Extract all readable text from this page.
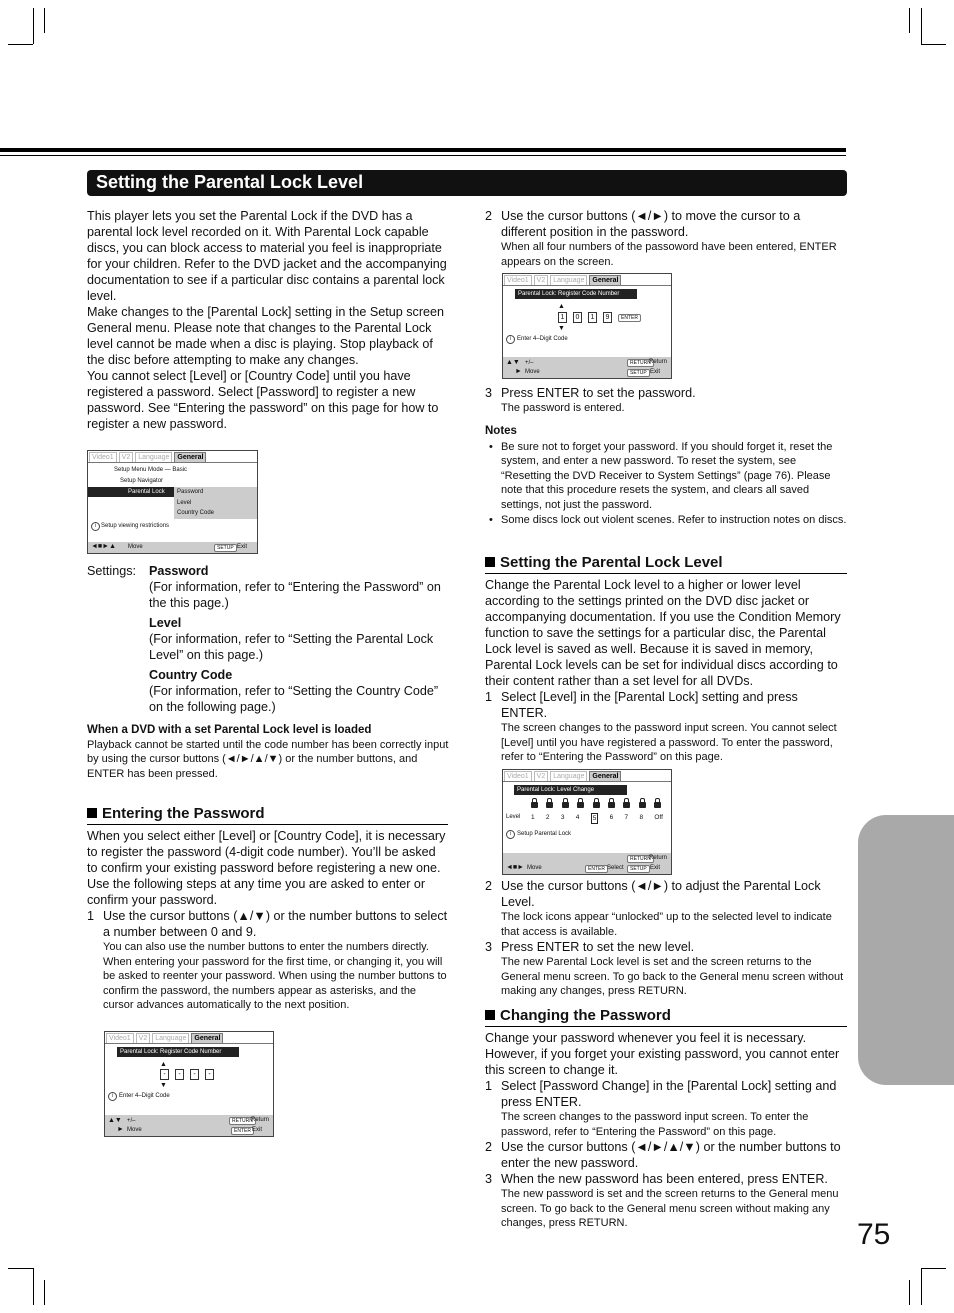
Setting the Parental Lock Level
75
This player lets you set the Parental Lock if the DVD has a parental lock level recorded on it. With Parental Lock capable discs, you can block access to material you feel is inappropriate for your children. Refer to the DVD jacket and the accompanying documentation to see if a particular disc contains a parental lock level.
Make changes to the [Parental Lock] setting in the Setup screen General menu. Please note that changes to the Parental Lock level cannot be made when a disc is playing. Stop playback of the disc before attempting to make any changes.
You cannot select [Level] or [Country Code] until you have registered a password. Select [Password] to register a new password. See “Entering the password” on this page for how to register a new password.
Video1	V2	Language	General
Setup Menu Mode — Basic
Setup Navigator
Parental Lock Password
Level
Country Code
i Setup viewing restrictions
◄■►▲ Move	SETUP Exit
Settings:	Password
(For information, refer to “Entering the Password” on the this page.)
Level
(For information, refer to “Setting the Parental Lock Level” on this page.)
Country Code
(For information, refer to “Setting the Country Code” on the following page.)
When a DVD with a set Parental Lock level is loaded
Playback cannot be started until the code number has been correctly input by using the cursor buttons (◄/►/▲/▼) or the number buttons, and ENTER has been pressed.
Entering the Password
When you select either [Level] or [Country Code], it is necessary to register the password (4-digit code number). You’ll be asked to confirm your existing password before registering a new one. Use the following steps at any time you are asked to enter or confirm your password.
1 Use the cursor buttons (▲/▼) or the number buttons to select a number between 0 and 9.
You can also use the number buttons to enter the numbers directly. When entering your password for the first time, or changing it, you will be asked to reenter your password. When using the number buttons to confirm the password, the numbers appear as asterisks, and the cursor advances automatically to the next position.
Video1	V2	Language	General
Parental Lock: Register Code Number
▲
- - - -
▼
i Enter 4–Digit Code
▲▼ +/–
► Move
RETURN
Return
ENTER Exit
2 Use the cursor buttons (◄/►) to move the cursor to a different position in the password.
When all four numbers of the passoword have been entered, ENTER appears on the screen.
Video1	V2	Language	General
Parental Lock: Register Code Number
▲
1 0 1 9 ENTER
▼
i Enter 4–Digit Code
▲▼ +/–
► Move
RETURN
Return
SETUP Exit
3 Press ENTER to set the password.
The password is entered.
Notes
• Be sure not to forget your password. If you should forget it, reset the system, and enter a new password. To reset the system, see “Resetting the DVD Receiver to System Settings” (page 76). Please note that this procedure resets the system, and clears all saved settings, not just the password.
• Some discs lock out violent scenes. Refer to instruction notes on discs.
Setting the Parental Lock Level
Change the Parental Lock level to a higher or lower level according to the settings printed on the DVD disc jacket or accompanying documentation. If you use the Condition Memory function to save the settings for a particular disc, the Parental Lock level is saved as well. Because it is saved in memory, Parental Lock levels can be set for individual discs according to their content rather than a set level for all DVDs.
1 Select [Level] in the [Parental Lock] setting and press ENTER.
The screen changes to the password input screen. You cannot select [Level] until you have registered a password. To enter the password, refer to “Entering the Password” on this page.
Video1	V2	Language	General
Parental Lock: Level Change
Level 1 2 3 4	5	6 7 8 Off
i Setup Parental Lock
◄■► Move	ENTER Select
RETURN
Return
SETUP Exit
2 Use the cursor buttons (◄/►) to adjust the Parental Lock Level.
The lock icons appear “unlocked” up to the selected level to indicate that access is available.
3 Press ENTER to set the new level.
The new Parental Lock level is set and the screen returns to the General menu screen. To go back to the General menu screen without making any changes, press RETURN.
Changing the Password
Change your password whenever you feel it is necessary. However, if you forget your existing password, you cannot enter this screen to change it.
1 Select [Password Change] in the [Parental Lock] setting and press ENTER.
The screen changes to the password input screen. To enter the password, refer to “Entering the Password” on this page.
2 Use the cursor buttons (◄/►/▲/▼) or the number buttons to enter the new password.
3 When the new password has been entered, press ENTER.
The new password is set and the screen returns to the General menu screen. To go back to the General menu screen without making any changes, press RETURN.
